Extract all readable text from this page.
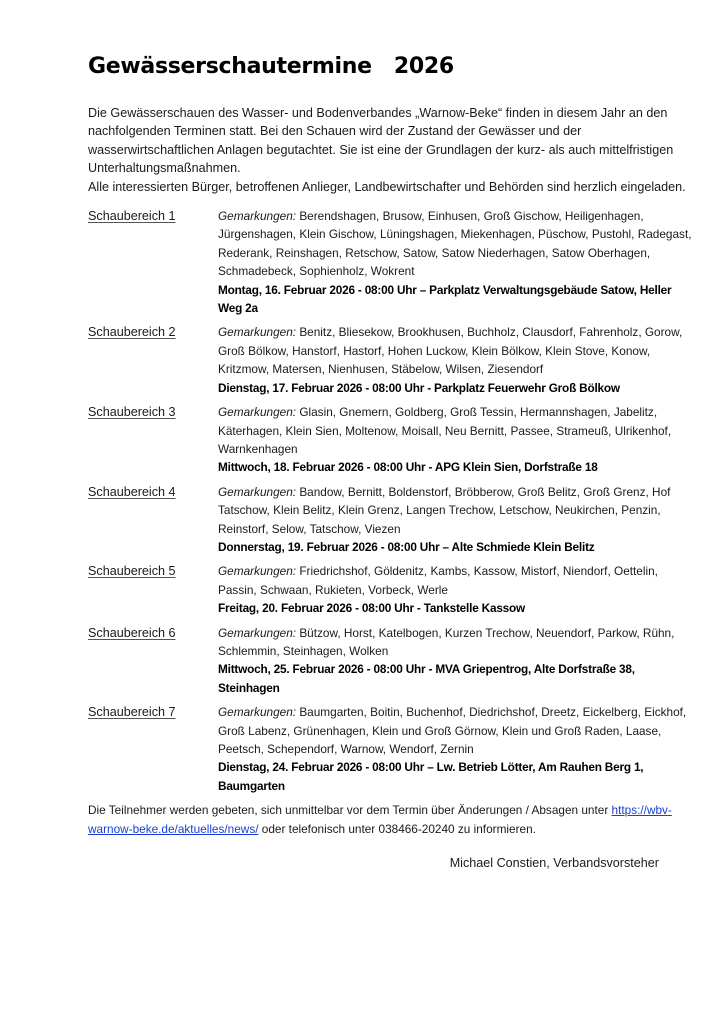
Gewässerschautermine   2026

Die Gewässerschauen des Wasser- und Bodenverbandes „Warnow-Beke“ finden in diesem Jahr an den nachfolgenden Terminen statt. Bei den Schauen wird der Zustand der Gewässer und der wasserwirtschaftlichen Anlagen begutachtet. Sie ist eine der Grundlagen der kurz- als auch mittelfristigen Unterhaltungsmaßnahmen.

Alle interessierten Bürger, betroffenen Anlieger, Landbewirtschafter und Behörden sind herzlich eingeladen.

Schaubereich 1	Gemarkungen: Berendshagen, Brusow, Einhusen, Groß Gischow, Heiligenhagen, Jürgenshagen, Klein Gischow, Lüningshagen, Miekenhagen, Püschow, Pustohl, Radegast, Rederank, Reinshagen, Retschow, Satow, Satow Niederhagen, Satow Oberhagen, Schmadebeck, Sophienholz, Wokrent
Montag, 16. Februar 2026 - 08:00 Uhr – Parkplatz Verwaltungsgebäude Satow, Heller Weg 2a
Schaubereich 2	Gemarkungen: Benitz, Bliesekow, Brookhusen, Buchholz, Clausdorf, Fahrenholz, Gorow, Groß Bölkow, Hanstorf, Hastorf, Hohen Luckow, Klein Bölkow, Klein Stove, Konow, Kritzmow, Matersen, Nienhusen, Stäbelow, Wilsen, Ziesendorf
Dienstag, 17. Februar 2026 - 08:00 Uhr - Parkplatz Feuerwehr Groß Bölkow
Schaubereich 3	Gemarkungen: Glasin, Gnemern, Goldberg, Groß Tessin, Hermannshagen, Jabelitz, Käterhagen, Klein Sien, Moltenow, Moisall, Neu Bernitt, Passee, Strameuß, Ulrikenhof, Warnkenhagen
Mittwoch, 18. Februar 2026 - 08:00 Uhr - APG Klein Sien, Dorfstraße 18
Schaubereich 4	Gemarkungen: Bandow, Bernitt, Boldenstorf, Bröbberow, Groß Belitz, Groß Grenz, Hof Tatschow, Klein Belitz, Klein Grenz, Langen Trechow, Letschow, Neukirchen, Penzin, Reinstorf, Selow, Tatschow, Viezen
Donnerstag, 19. Februar 2026 - 08:00 Uhr – Alte Schmiede Klein Belitz
Schaubereich 5	Gemarkungen: Friedrichshof, Göldenitz, Kambs, Kassow, Mistorf, Niendorf, Oettelin, Passin, Schwaan, Rukieten, Vorbeck, Werle
Freitag, 20. Februar 2026 - 08:00 Uhr - Tankstelle Kassow
Schaubereich 6	Gemarkungen: Bützow, Horst, Katelbogen, Kurzen Trechow, Neuendorf, Parkow, Rühn, Schlemmin, Steinhagen, Wolken
Mittwoch, 25. Februar 2026 - 08:00 Uhr - MVA Griepentrog, Alte Dorfstraße 38, Steinhagen
Schaubereich 7	Gemarkungen: Baumgarten, Boitin, Buchenhof, Diedrichshof, Dreetz, Eickelberg, Eickhof, Groß Labenz, Grünenhagen, Klein und Groß Görnow, Klein und Groß Raden, Laase, Peetsch, Schependorf, Warnow, Wendorf, Zernin
Dienstag, 24. Februar 2026 - 08:00 Uhr – Lw. Betrieb Lötter, Am Rauhen Berg 1, Baumgarten
Die Teilnehmer werden gebeten, sich unmittelbar vor dem Termin über Änderungen / Absagen unter https://wbv-warnow-beke.de/aktuelles/news/ oder telefonisch unter 038466-20240 zu informieren.
Michael Constien, Verbandsvorsteher
